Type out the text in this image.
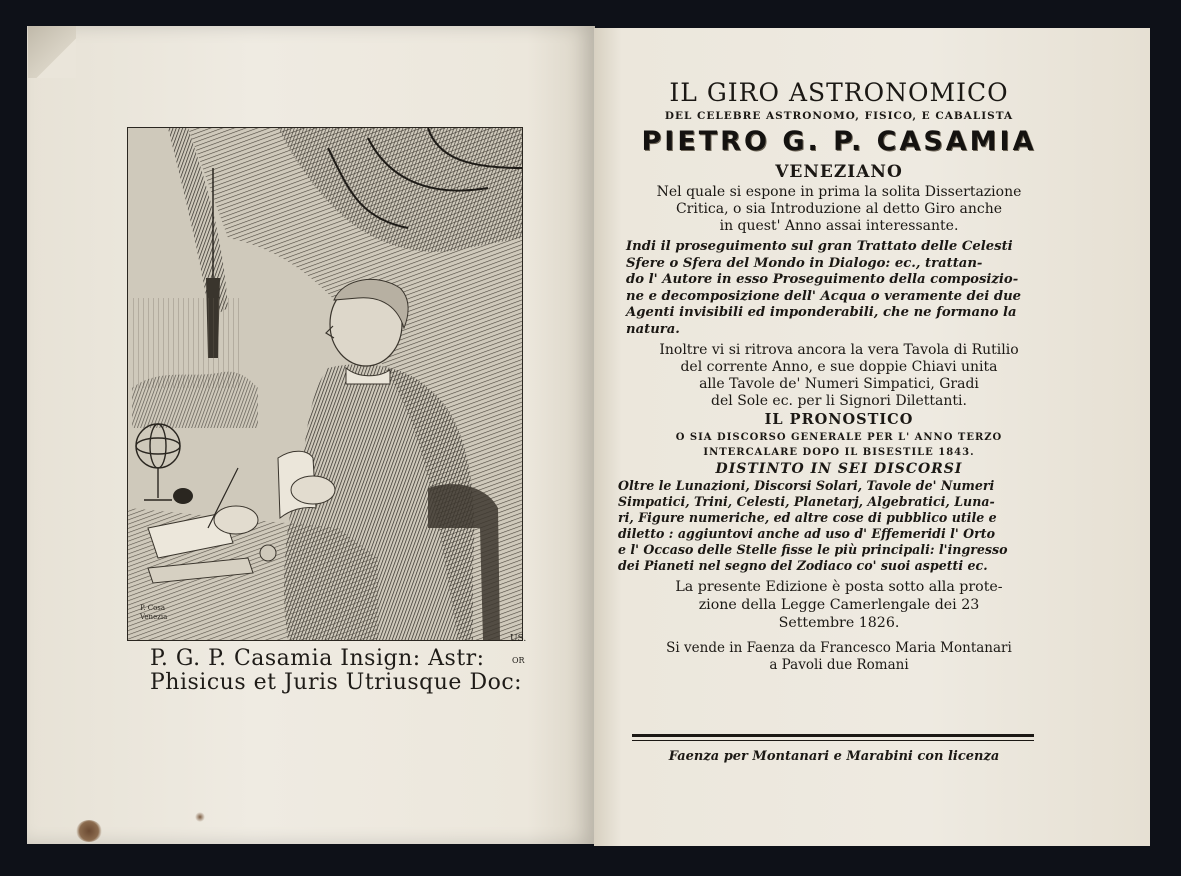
P. Cosa
Venezia
P. G. P. Casamia Insign: Astr:
Phisicus et Juris Utriusque Doc:
US.
OR
IL GIRO ASTRONOMICO
DEL CELEBRE ASTRONOMO, FISICO, E CABALISTA
PIETRO G. P. CASAMIA
VENEZIANO
Nel quale si espone in prima la solita Dissertazione
Critica, o sia Introduzione al detto Giro anche
in quest' Anno assai interessante.
Indi il proseguimento sul gran Trattato delle Celesti
Sfere o Sfera del Mondo in Dialogo: ec., trattan-
do l' Autore in esso Proseguimento della composizio-
ne e decomposizione dell' Acqua o veramente dei due
Agenti invisibili ed imponderabili, che ne formano la
natura.
Inoltre vi si ritrova ancora la vera Tavola di Rutilio
del corrente Anno, e sue doppie Chiavi unita
alle Tavole de' Numeri Simpatici, Gradi
del Sole ec. per li Signori Dilettanti.
IL PRONOSTICO
O SIA DISCORSO GENERALE PER L' ANNO TERZO
INTERCALARE DOPO IL BISESTILE 1843.
DISTINTO IN SEI DISCORSI
Oltre le Lunazioni, Discorsi Solari, Tavole de' Numeri
Simpatici, Trini, Celesti, Planetarj, Algebratici, Luna-
ri, Figure numeriche, ed altre cose di pubblico utile e
diletto : aggiuntovi anche ad uso d' Effemeridi l' Orto
e l' Occaso delle Stelle fisse le più principali: l'ingresso
dei Pianeti nel segno del Zodiaco co' suoi aspetti ec.
La presente Edizione è posta sotto alla prote-
zione della Legge Camerlengale dei 23
Settembre 1826.
Si vende in Faenza da Francesco Maria Montanari
a Pavoli due Romani
Faenza per Montanari e Marabini con licenza
